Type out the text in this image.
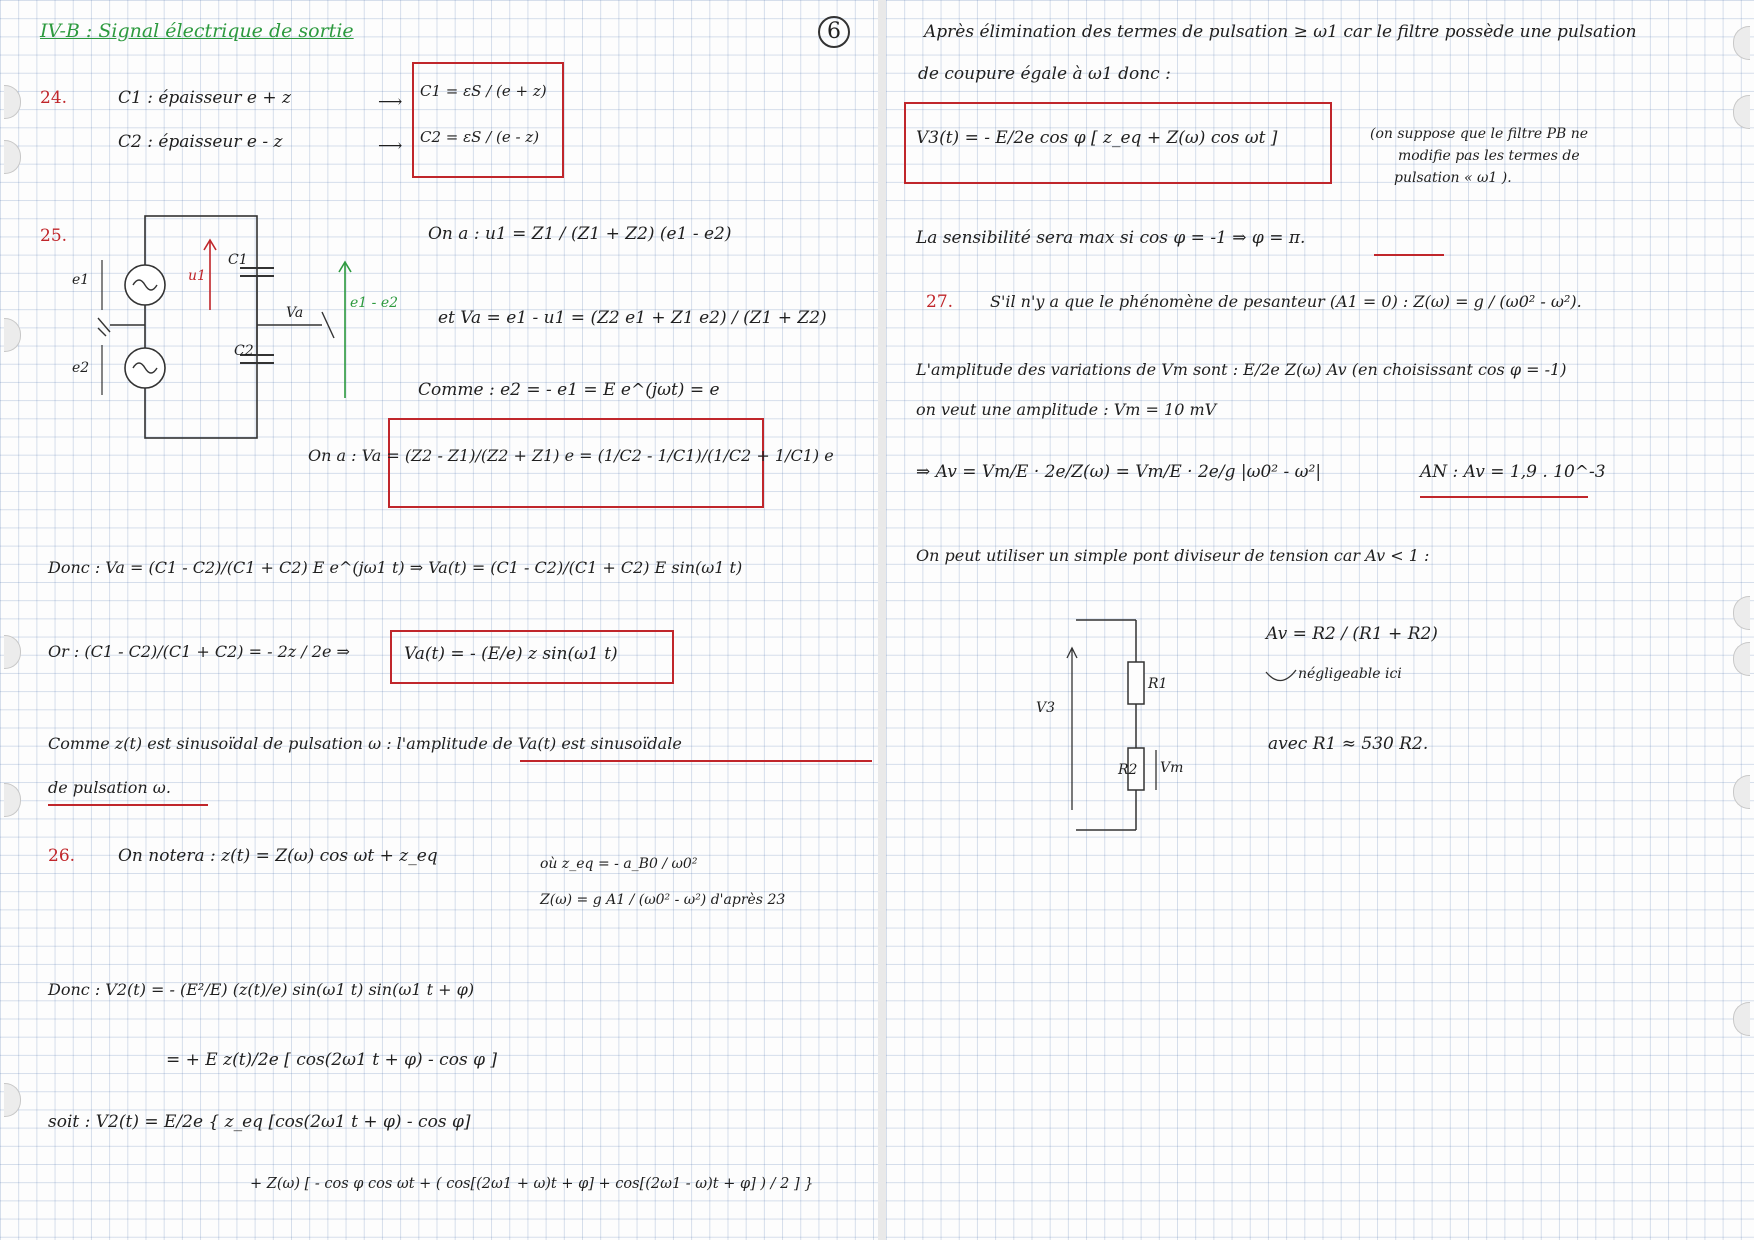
IV-B : Signal électrique de sortie	6
24.	C1 : épaisseur e + z
C2 : épaisseur e - z
⟶
⟶
C1 = εS / (e + z)
C2 = εS / (e - z)
25.
e1	u1
C1
C2
Va
e2
e1 - e2
On a : u1 = Z1 / (Z1 + Z2) (e1 - e2)
et Va = e1 - u1 = (Z2 e1 + Z1 e2) / (Z1 + Z2)
Comme : e2 = - e1 = E e^(jωt) = e
On a : Va = (Z2 - Z1)/(Z2 + Z1) e = (1/C2 - 1/C1)/(1/C2 + 1/C1) e
Donc : Va = (C1 - C2)/(C1 + C2) E e^(jω1 t) ⇒ Va(t) = (C1 - C2)/(C1 + C2) E sin(ω1 t)
Or : (C1 - C2)/(C1 + C2) = - 2z / 2e ⇒	Va(t) = - (E/e) z sin(ω1 t)
Comme z(t) est sinusoïdal de pulsation ω : l'amplitude de Va(t) est sinusoïdale
de pulsation ω.
26.	On notera : z(t) = Z(ω) cos ωt + z_eq	où z_eq = - a_B0 / ω0²
Z(ω) = g A1 / (ω0² - ω²) d'après 23
Donc : V2(t) = - (E²/E) (z(t)/e) sin(ω1 t) sin(ω1 t + φ)
= + E z(t)/2e [ cos(2ω1 t + φ) - cos φ ]
soit : V2(t) = E/2e { z_eq [cos(2ω1 t + φ) - cos φ]
+ Z(ω) [ - cos φ cos ωt + ( cos[(2ω1 + ω)t + φ] + cos[(2ω1 - ω)t + φ] ) / 2 ] }
Après élimination des termes de pulsation ≥ ω1 car le filtre possède une pulsation
de coupure égale à ω1 donc :
V3(t) = - E/2e cos φ [ z_eq + Z(ω) cos ωt ]	(on suppose que le filtre PB ne
modifie pas les termes de
pulsation « ω1 ).
La sensibilité sera max si cos φ = -1 ⇒ φ = π.
27. S'il n'y a que le phénomène de pesanteur (A1 = 0) : Z(ω) = g / (ω0² - ω²).
L'amplitude des variations de Vm sont : E/2e Z(ω) Av (en choisissant cos φ = -1)
on veut une amplitude : Vm = 10 mV
⇒ Av = Vm/E · 2e/Z(ω) = Vm/E · 2e/g |ω0² - ω²|	AN : Av = 1,9 . 10^-3
On peut utiliser un simple pont diviseur de tension car Av < 1 :
V3
R1
R2 Vm
Av = R2 / (R1 + R2)
négligeable ici
avec R1 ≈ 530 R2.
